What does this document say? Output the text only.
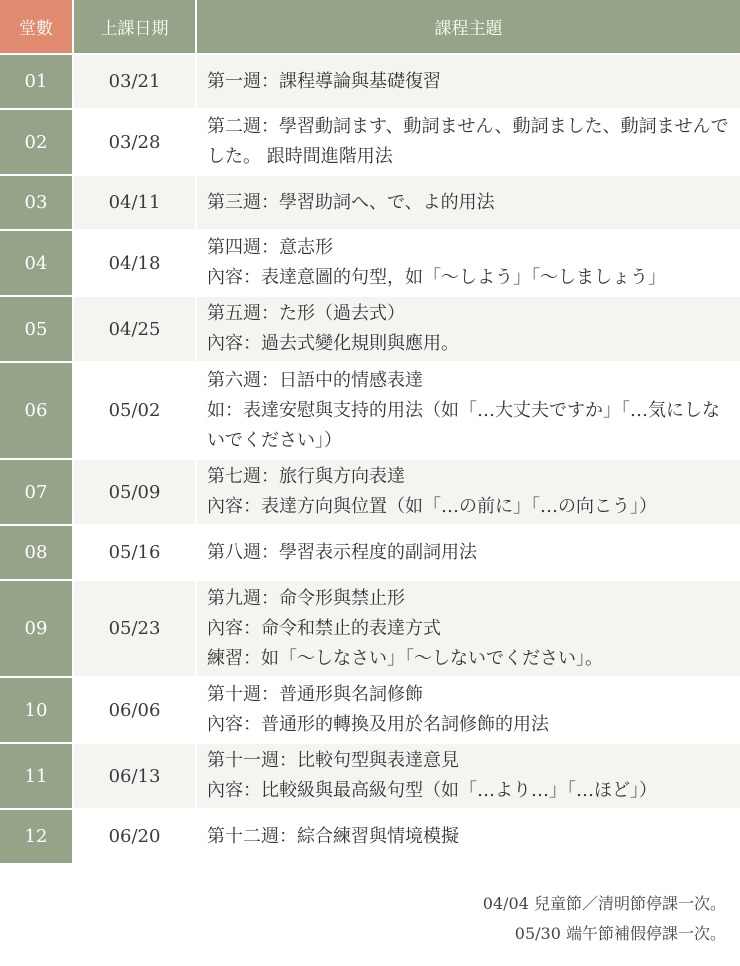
堂數	上課日期	課程主題
01	03/21	第一週：課程導論與基礎復習

02	03/28	第二週：學習動詞ます、動詞ません、動詞ました、動詞ませんでした。 跟時間進階用法

03	04/11	第三週：學習助詞へ、で、よ的用法

04	04/18	第四週：意志形
內容：表達意圖的句型，如「〜しよう」「〜しましょう」

05	04/25	第五週：た形（過去式）
內容：過去式變化規則與應用。

06	05/02	第六週：日語中的情感表達
如：表達安慰與支持的用法（如「…大丈夫ですか」「…気にしないでください」）

07	05/09	第七週：旅行與方向表達
內容：表達方向與位置（如「…の前に」「…の向こう」）

08	05/16	第八週：學習表示程度的副詞用法

09	05/23	第九週：命令形與禁止形
內容：命令和禁止的表達方式
練習：如「〜しなさい」「〜しないでください」。

10	06/06	第十週：普通形與名詞修飾
內容：普通形的轉換及用於名詞修飾的用法

11	06/13	第十一週：比較句型與表達意見
內容：比較級與最高級句型（如「…より…」「…ほど」）

12	06/20	第十二週：綜合練習與情境模擬
04/04 兒童節／清明節停課一次。
05/30 端午節補假停課一次。
